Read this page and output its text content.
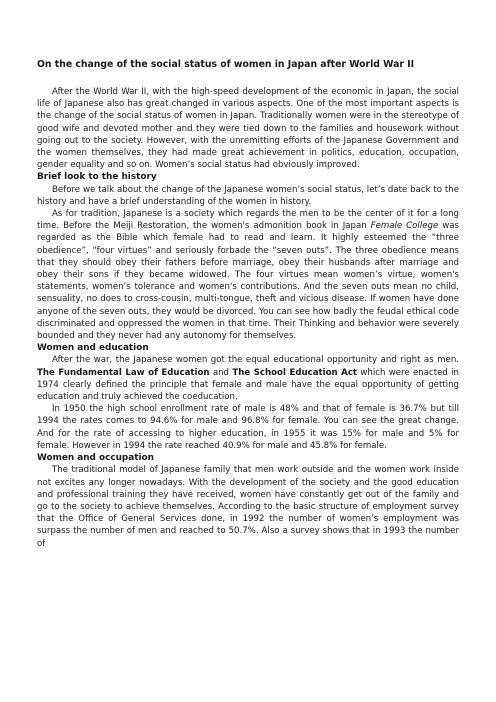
On the change of the social status of women in Japan after World War II

After the World War II, with the high-speed development of the economic in Japan, the social life of Japanese also has great changed in various aspects. One of the most important aspects is the change of the social status of women in Japan. Traditionally women were in the stereotype of good wife and devoted mother and they were tied down to the families and housework without going out to the society. However, with the unremitting efforts of the Japanese Government and the women themselves, they had made great achievement in politics, education, occupation, gender equality and so on. Women’s social status had obviously improved.

Brief look to the history

Before we talk about the change of the Japanese women’s social status, let’s date back to the history and have a brief understanding of the women in history.

As for tradition, Japanese is a society which regards the men to be the center of it for a long time. Before the Meiji Restoration, the women's admonition book in Japan Female College was regarded as the Bible which female had to read and learn. It highly esteemed the “three obedience”, “four virtues” and seriously forbade the “seven outs”. The three obedience means that they should obey their fathers before marriage, obey their husbands after marriage and obey their sons if they became widowed. The four virtues mean women’s virtue, women's statements, women’s tolerance and women's contributions. And the seven outs mean no child, sensuality, no does to cross-cousin, multi-tongue, theft and vicious disease. If women have done anyone of the seven outs, they would be divorced. You can see how badly the feudal ethical code discriminated and oppressed the women in that time. Their Thinking and behavior were severely bounded and they never had any autonomy for themselves.

Women and education

After the war, the Japanese women got the equal educational opportunity and right as men. The Fundamental Law of Education and The School Education Act which were enacted in 1974 clearly defined the principle that female and male have the equal opportunity of getting education and truly achieved the coeducation.

In 1950 the high school enrollment rate of male is 48% and that of female is 36.7% but till 1994 the rates comes to 94.6% for male and 96.8% for female. You can see the great change. And for the rate of accessing to higher education, in 1955 it was 15% for male and 5% for female. However in 1994 the rate reached 40.9% for male and 45.8% for female.

Women and occupation

The traditional model of Japanese family that men work outside and the women work inside not excites any longer nowadays. With the development of the society and the good education and professional training they have received, women have constantly get out of the family and go to the society to achieve themselves. According to the basic structure of employment survey that the Office of General Services done, in 1992 the number of women’s employment was surpass the number of men and reached to 50.7%. Also a survey shows that in 1993 the number of
